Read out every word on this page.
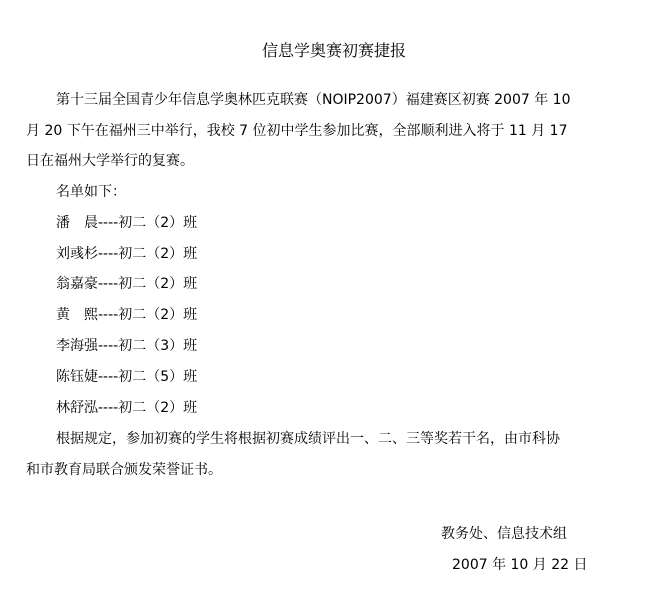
信息学奥赛初赛捷报
第十三届全国青少年信息学奥林匹克联赛（NOIP2007）福建赛区初赛 2007 年 10
月 20 下午在福州三中举行，我校 7 位初中学生参加比赛，全部顺利进入将于 11 月 17
日在福州大学举行的复赛。
名单如下：
潘　晨----初二（2）班
刘彧杉----初二（2）班
翁嘉豪----初二（2）班
黄　熙----初二（2）班
李海强----初二（3）班
陈钰婕----初二（5）班
林舒泓----初二（2）班
根据规定，参加初赛的学生将根据初赛成绩评出一、二、三等奖若干名，由市科协
和市教育局联合颁发荣誉证书。
教务处、信息技术组
2007 年 10 月 22 日
